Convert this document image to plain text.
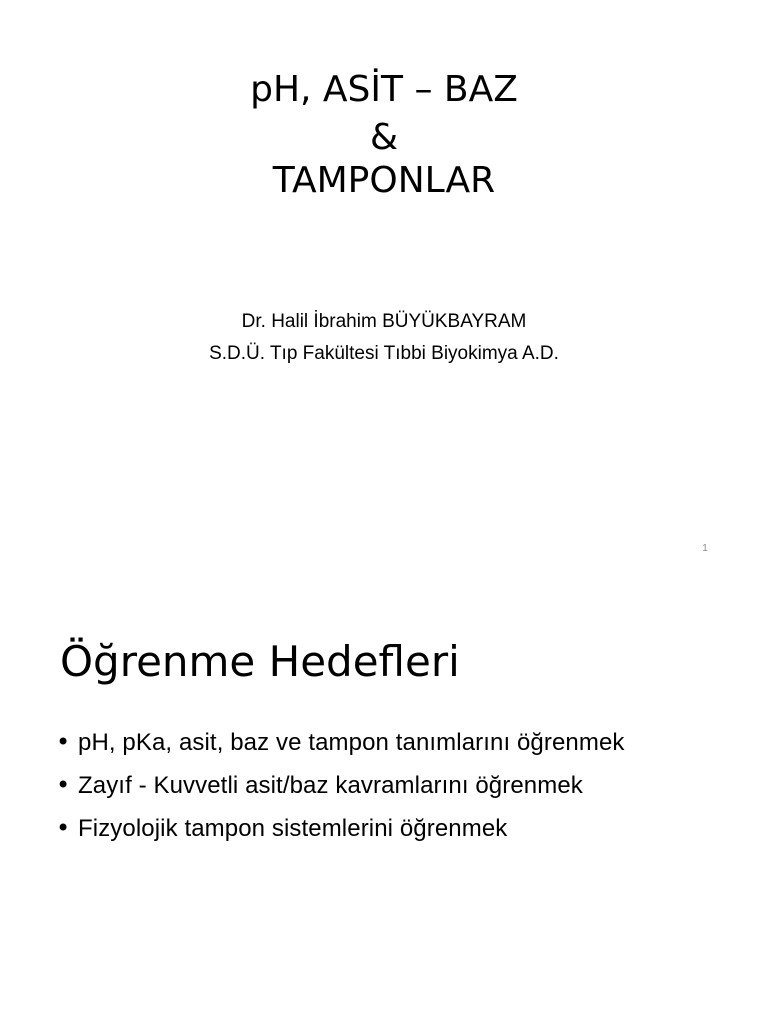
pH, ASİT – BAZ
&
TAMPONLAR
Dr. Halil İbrahim BÜYÜKBAYRAM
S.D.Ü. Tıp Fakültesi Tıbbi Biyokimya A.D.
1
Öğrenme Hedefleri
• pH, pKa, asit, baz ve tampon tanımlarını öğrenmek
• Zayıf - Kuvvetli asit/baz kavramlarını öğrenmek
• Fizyolojik tampon sistemlerini öğrenmek
